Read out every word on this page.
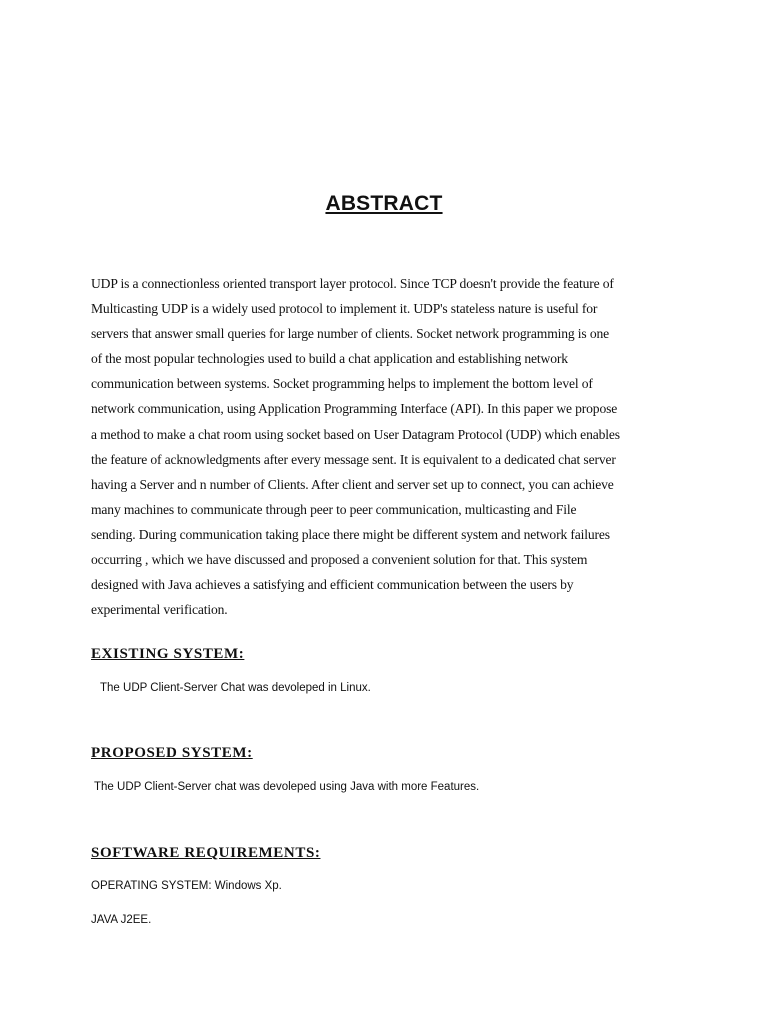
ABSTRACT

UDP is a connectionless oriented transport layer protocol. Since TCP doesn't provide the feature of
Multicasting UDP is a widely used protocol to implement it. UDP's stateless nature is useful for
servers that answer small queries for large number of clients. Socket network programming is one
of the most popular technologies used to build a chat application and establishing network
communication between systems. Socket programming helps to implement the bottom level of
network communication, using Application Programming Interface (API). In this paper we propose
a method to make a chat room using socket based on User Datagram Protocol (UDP) which enables
the feature of acknowledgments after every message sent. It is equivalent to a dedicated chat server
having a Server and n number of Clients. After client and server set up to connect, you can achieve
many machines to communicate through peer to peer communication, multicasting and File
sending. During communication taking place there might be different system and network failures
occurring , which we have discussed and proposed a convenient solution for that. This system
designed with Java achieves a satisfying and efficient communication between the users by
experimental verification.

EXISTING SYSTEM:

The UDP Client-Server Chat was devoleped in Linux.

PROPOSED SYSTEM:

The UDP Client-Server chat was devoleped using Java with more Features.

SOFTWARE REQUIREMENTS:

OPERATING SYSTEM: Windows Xp.

JAVA J2EE.
